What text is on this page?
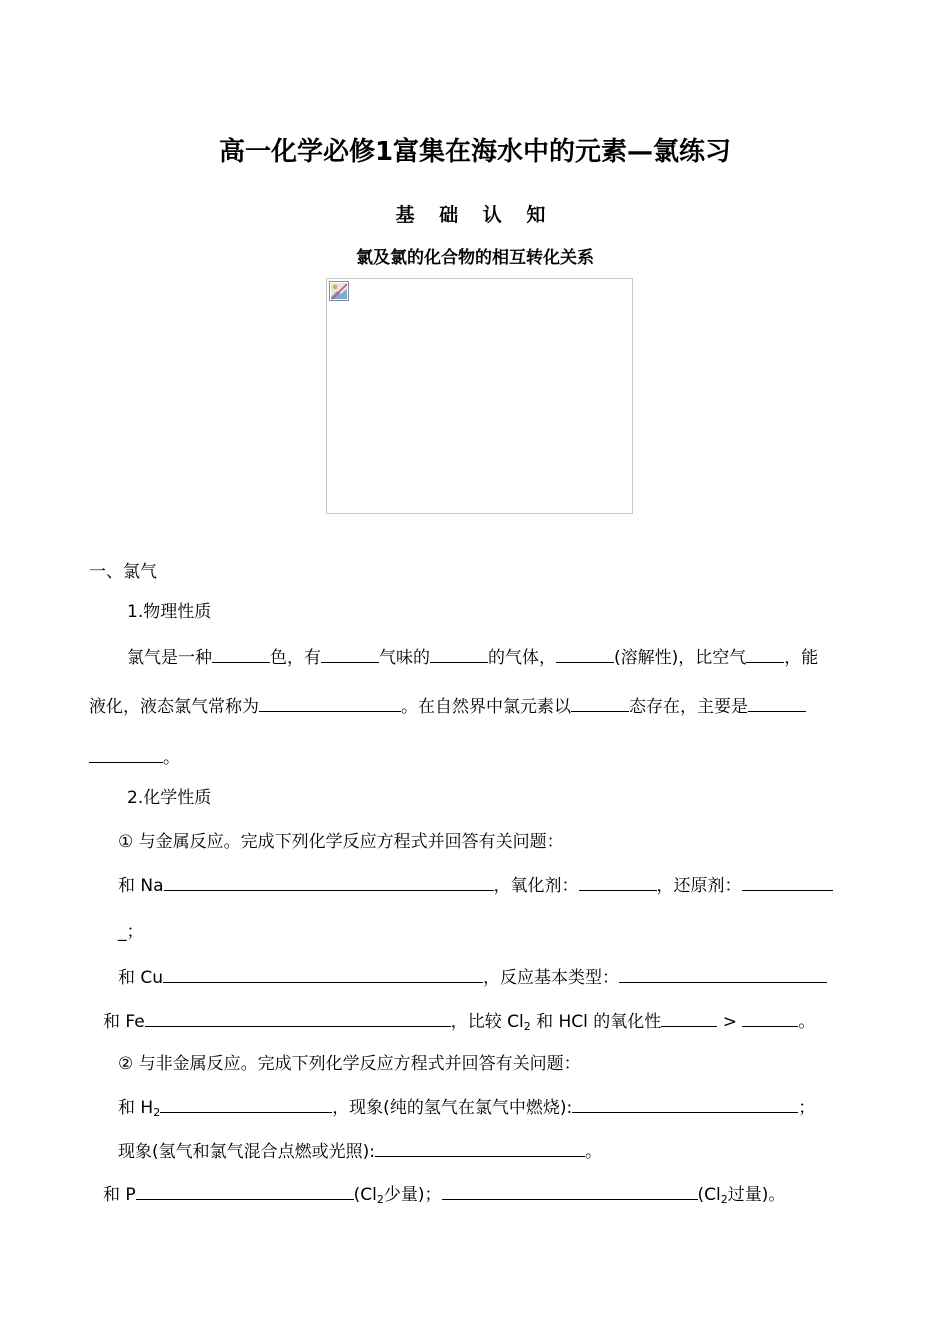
高一化学必修1富集在海水中的元素—氯练习
基 础 认 知
氯及氯的化合物的相互转化关系
一、氯气
1.物理性质
氯气是一种	色，有	气味的	的气体，	(溶解性)，比空气 ，能
液化，液态氯气常称为	。在自然界中氯元素以	态存在，主要是
。
2.化学性质
① 与金属反应。完成下列化学反应方程式并回答有关问题：
和 Na	，氧化剂：	，还原剂：
_；
和 Cu	，反应基本类型：
和 Fe	，比较 $Cl_2$ 和 HCl 的氧化性	>	。
② 与非金属反应。完成下列化学反应方程式并回答有关问题：
和 $H_2$	，现象(纯的氢气在氯气中燃烧):	；
现象(氢气和氯气混合点燃或光照):	。
和 P	($Cl_2$少量)；	($Cl_2$过量)。
